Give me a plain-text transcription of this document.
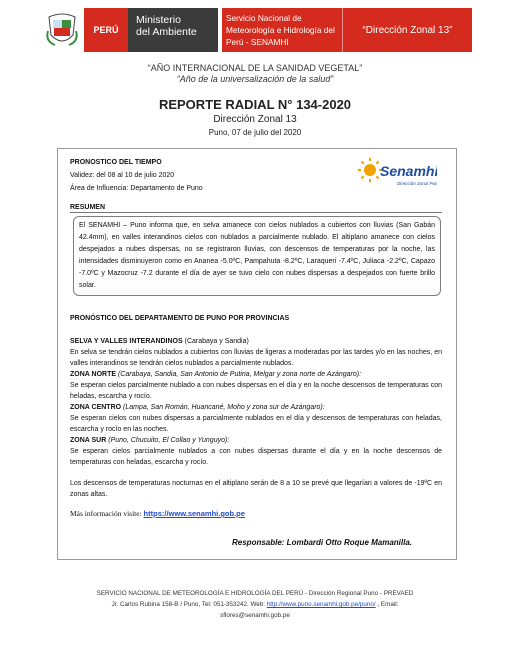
PERÚ
Ministerio
del Ambiente
Servicio Nacional de
Meteorología e Hidrología del
Perú - SENAMHI
“Dirección Zonal 13”
“AÑO INTERNACIONAL DE LA SANIDAD VEGETAL”
“Año de la universalización de la salud”
REPORTE RADIAL N° 134-2020
Dirección Zonal 13
Puno, 07 de julio del 2020
PRONOSTICO DEL TIEMPO
Validez: del 08 al 10 de julio 2020
Área de Influencia: Departamento de Puno
Senamhi
Dirección Zonal Puno
RESUMEN
El SENAMHI – Puno informa que, en selva amanece con cielos nublados a cubiertos con lluvias (San Gabán 42.4mm), en valles interandinos cielos con nublados a parcialmente nublado. El altiplano amanece con cielos despejados a nubes dispersas, no se registraron lluvias, con descensos de temperaturas por la noche, las intensidades disminuyeron como en Ananea -5.0ºC, Pampahuta -8.2ºC, Laraqueri -7.4ºC, Juliaca -2.2ºC, Capazo -7.0ºC y Mazocruz -7.2 durante el día de ayer se tuvo cielo con nubes dispersas a despejados con fuerte brillo solar.
PRONÓSTICO DEL DEPARTAMENTO DE PUNO POR PROVINCIAS
SELVA Y VALLES INTERANDINOS (Carabaya y Sandia)
En selva se tendrán cielos nublados a cubiertos con lluvias de ligeras a moderadas por las tardes y/o en las noches, en valles interandinos se tendrán cielos nublados a parcialmente nublados.
ZONA NORTE (Carabaya, Sandia, San Antonio de Putina, Melgar y zona norte de Azángaro):
Se esperan cielos parcialmente nublado a con nubes dispersas en el día y en la noche descensos de temperaturas con heladas, escarcha y rocío.
ZONA CENTRO (Lampa, San Román, Huancané, Moho y zona sur de Azángaro):
Se esperan cielos con nubes dispersas a parcialmente nublados en el día y descensos de temperaturas con heladas, escarcha y rocío en las noches.
ZONA SUR (Puno, Chucuito, El Collao y Yunguyo):
Se esperan cielos parcialmente nublados a con nubes dispersas durante el día y en la noche descensos de temperaturas con heladas, escarcha y rocío.
Los descensos de temperaturas nocturnas en el altiplano serán de 8 a 10 se prevé que llegarían a valores de -19ºC en zonas altas.
Más información visite: https://www.senamhi.gob.pe
Responsable: Lombardi Otto Roque Mamanilla.
SERVICIO NACIONAL DE METEOROLOGÍA E HIDROLOGÍA DEL PERÚ - Dirección Regional Puno - PREVAED
Jr. Carlos Rubina 158-B / Puno, Tel: 051-353242. Web: http://www.puno.senamhi.gob.pe/puno/ , Email:
sflores@senamhi.gob.pe
